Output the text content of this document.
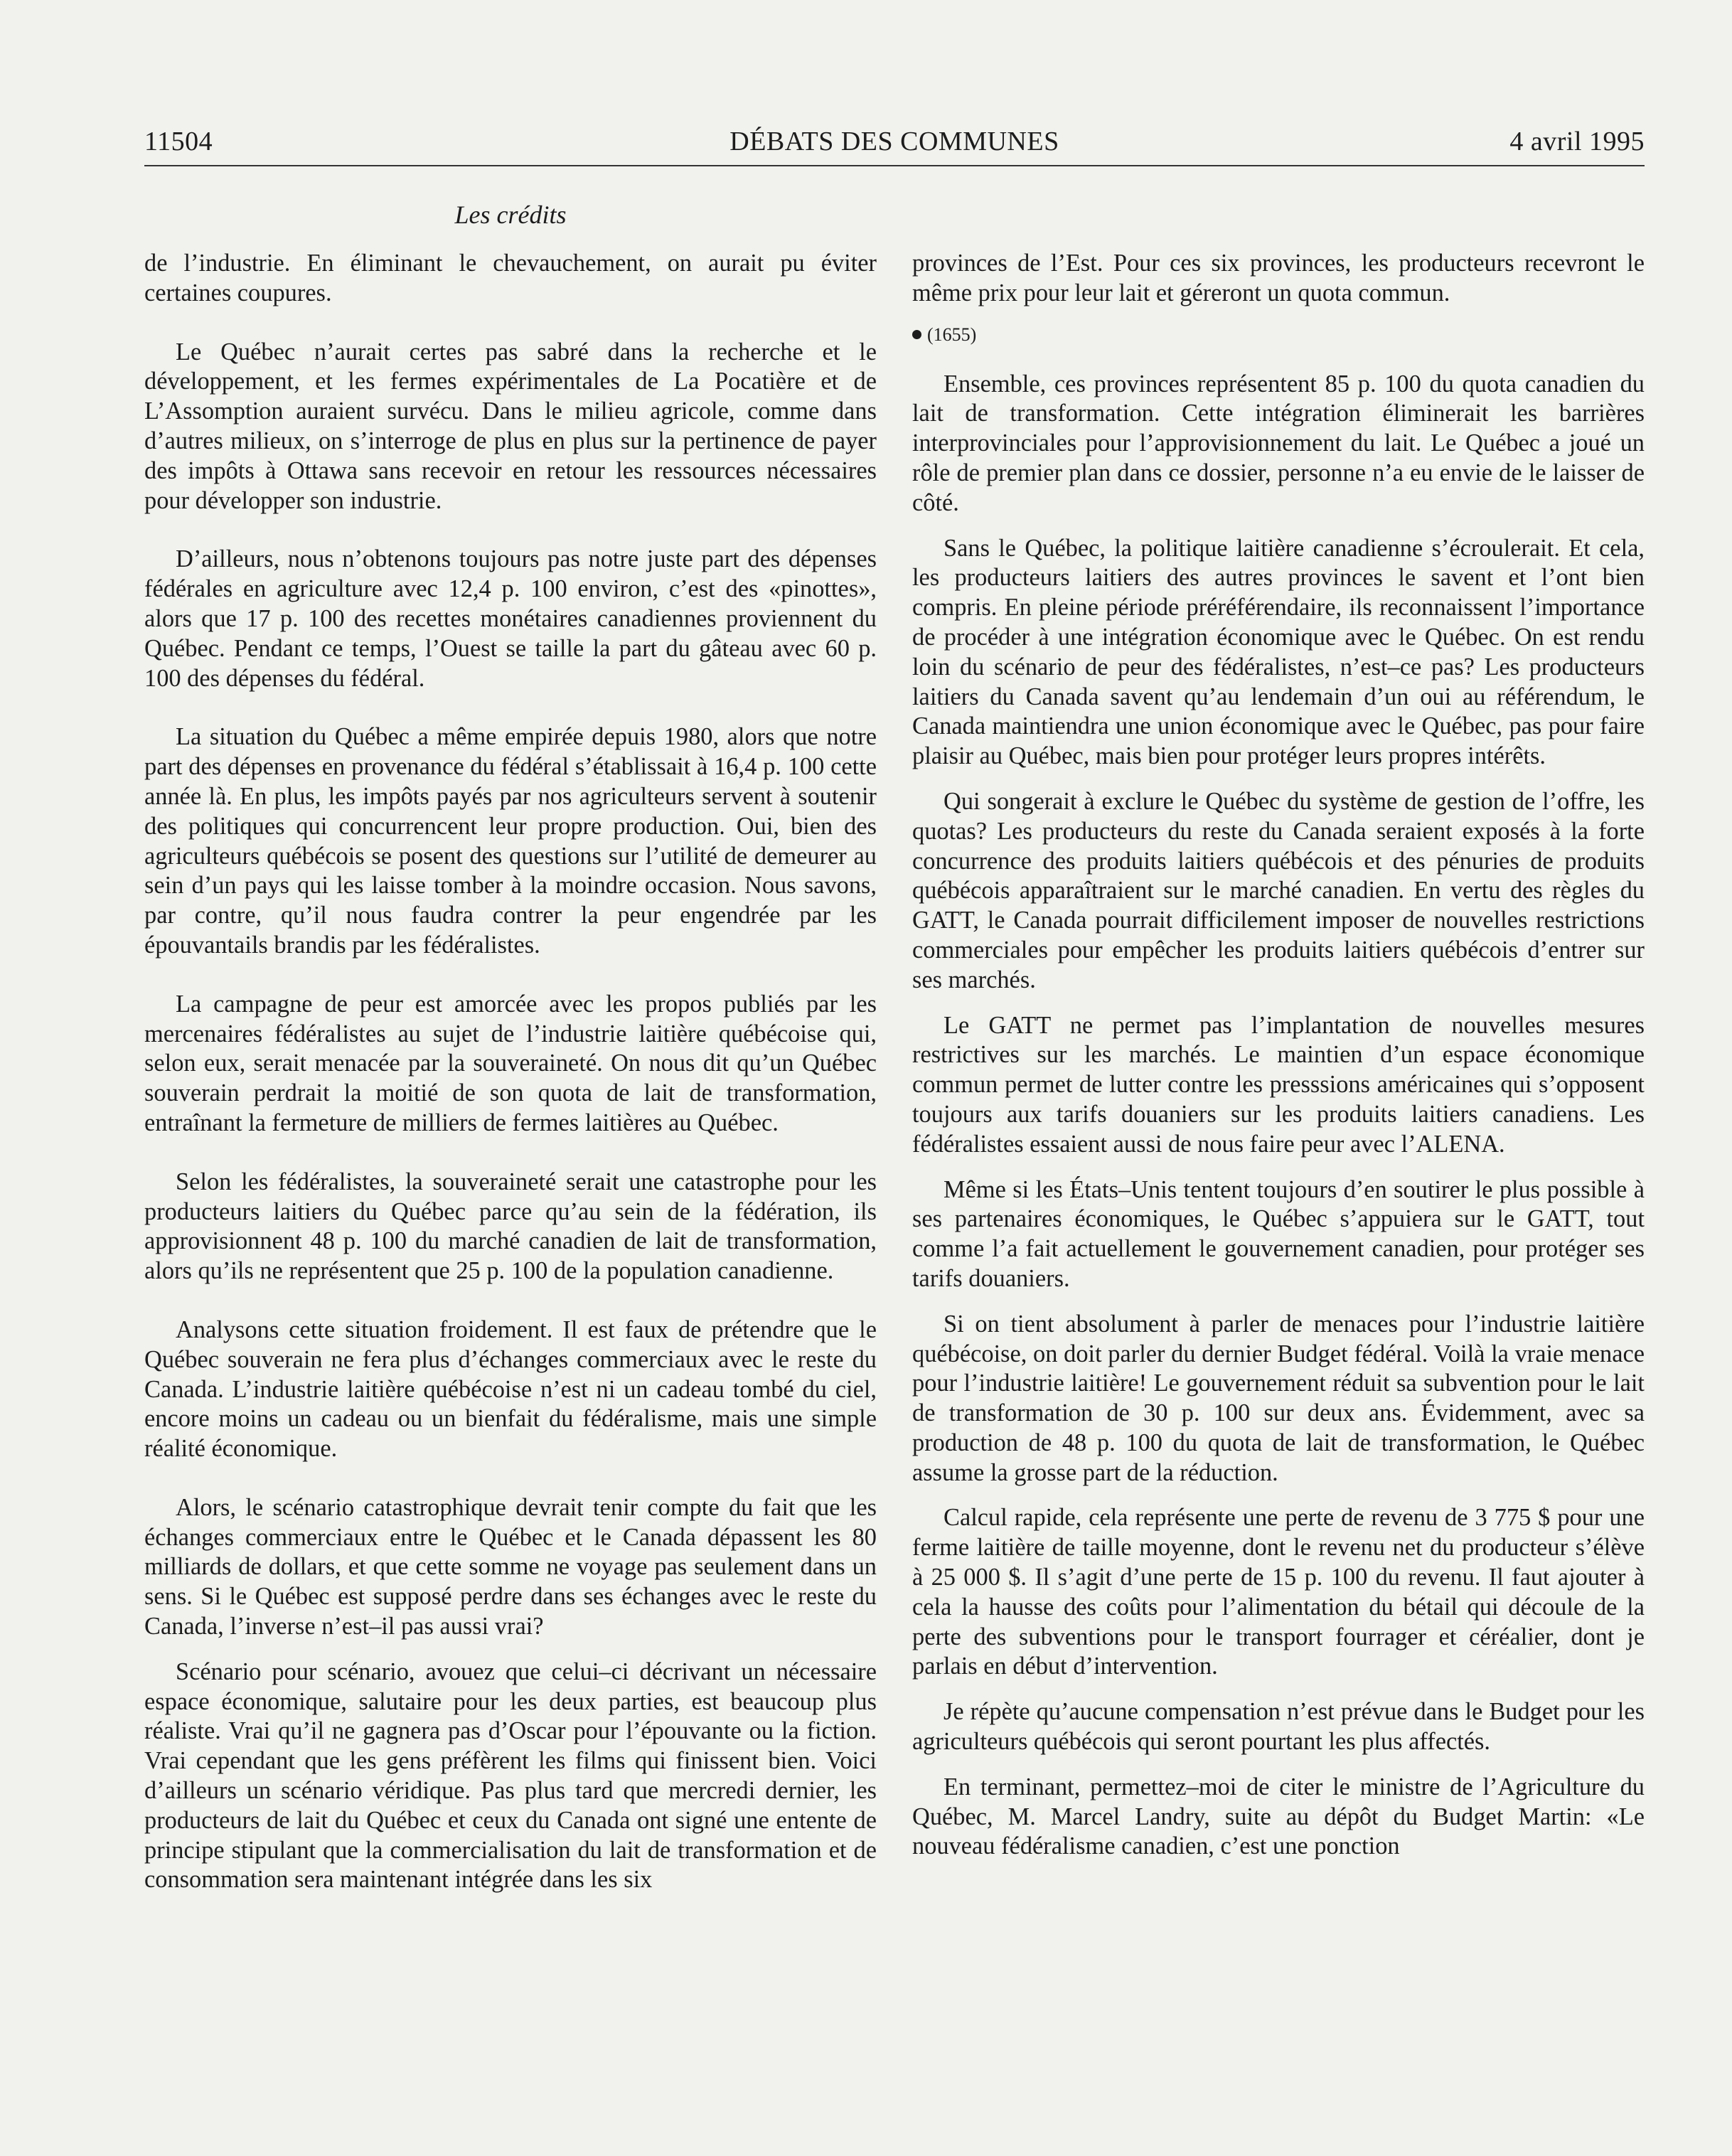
11504	DÉBATS DES COMMUNES	4 avril 1995
Les crédits

de l’industrie. En éliminant le chevauchement, on aurait pu éviter certaines coupures.

Le Québec n’aurait certes pas sabré dans la recherche et le développement, et les fermes expérimentales de La Pocatière et de L’Assomption auraient survécu. Dans le milieu agricole, comme dans d’autres milieux, on s’interroge de plus en plus sur la pertinence de payer des impôts à Ottawa sans recevoir en retour les ressources nécessaires pour développer son industrie.

D’ailleurs, nous n’obtenons toujours pas notre juste part des dépenses fédérales en agriculture avec 12,4 p. 100 environ, c’est des «pinottes», alors que 17 p. 100 des recettes monétaires canadiennes proviennent du Québec. Pendant ce temps, l’Ouest se taille la part du gâteau avec 60 p. 100 des dépenses du fédéral.

La situation du Québec a même empirée depuis 1980, alors que notre part des dépenses en provenance du fédéral s’établissait à 16,4 p. 100 cette année là. En plus, les impôts payés par nos agriculteurs servent à soutenir des politiques qui concurrencent leur propre production. Oui, bien des agriculteurs québécois se posent des questions sur l’utilité de demeurer au sein d’un pays qui les laisse tomber à la moindre occasion. Nous savons, par contre, qu’il nous faudra contrer la peur engendrée par les épouvantails brandis par les fédéralistes.

La campagne de peur est amorcée avec les propos publiés par les mercenaires fédéralistes au sujet de l’industrie laitière québécoise qui, selon eux, serait menacée par la souveraineté. On nous dit qu’un Québec souverain perdrait la moitié de son quota de lait de transformation, entraînant la fermeture de milliers de fermes laitières au Québec.

Selon les fédéralistes, la souveraineté serait une catastrophe pour les producteurs laitiers du Québec parce qu’au sein de la fédération, ils approvisionnent 48 p. 100 du marché canadien de lait de transformation, alors qu’ils ne représentent que 25 p. 100 de la population canadienne.

Analysons cette situation froidement. Il est faux de prétendre que le Québec souverain ne fera plus d’échanges commerciaux avec le reste du Canada. L’industrie laitière québécoise n’est ni un cadeau tombé du ciel, encore moins un cadeau ou un bienfait du fédéralisme, mais une simple réalité économique.

Alors, le scénario catastrophique devrait tenir compte du fait que les échanges commerciaux entre le Québec et le Canada dépassent les 80 milliards de dollars, et que cette somme ne voyage pas seulement dans un sens. Si le Québec est supposé perdre dans ses échanges avec le reste du Canada, l’inverse n’est–il pas aussi vrai?

Scénario pour scénario, avouez que celui–ci décrivant un nécessaire espace économique, salutaire pour les deux parties, est beaucoup plus réaliste. Vrai qu’il ne gagnera pas d’Oscar pour l’épouvante ou la fiction. Vrai cependant que les gens préfèrent les films qui finissent bien. Voici d’ailleurs un scénario véridique. Pas plus tard que mercredi dernier, les producteurs de lait du Québec et ceux du Canada ont signé une entente de principe stipulant que la commercialisation du lait de transformation et de consommation sera maintenant intégrée dans les six

provinces de l’Est. Pour ces six provinces, les producteurs recevront le même prix pour leur lait et géreront un quota commun.

(1655)

Ensemble, ces provinces représentent 85 p. 100 du quota canadien du lait de transformation. Cette intégration éliminerait les barrières interprovinciales pour l’approvisionnement du lait. Le Québec a joué un rôle de premier plan dans ce dossier, personne n’a eu envie de le laisser de côté.

Sans le Québec, la politique laitière canadienne s’écroulerait. Et cela, les producteurs laitiers des autres provinces le savent et l’ont bien compris. En pleine période préréférendaire, ils reconnaissent l’importance de procéder à une intégration économique avec le Québec. On est rendu loin du scénario de peur des fédéralistes, n’est–ce pas? Les producteurs laitiers du Canada savent qu’au lendemain d’un oui au référendum, le Canada maintiendra une union économique avec le Québec, pas pour faire plaisir au Québec, mais bien pour protéger leurs propres intérêts.

Qui songerait à exclure le Québec du système de gestion de l’offre, les quotas? Les producteurs du reste du Canada seraient exposés à la forte concurrence des produits laitiers québécois et des pénuries de produits québécois apparaîtraient sur le marché canadien. En vertu des règles du GATT, le Canada pourrait difficilement imposer de nouvelles restrictions commerciales pour empêcher les produits laitiers québécois d’entrer sur ses marchés.

Le GATT ne permet pas l’implantation de nouvelles mesures restrictives sur les marchés. Le maintien d’un espace économique commun permet de lutter contre les presssions américaines qui s’opposent toujours aux tarifs douaniers sur les produits laitiers canadiens. Les fédéralistes essaient aussi de nous faire peur avec l’ALENA.

Même si les États–Unis tentent toujours d’en soutirer le plus possible à ses partenaires économiques, le Québec s’appuiera sur le GATT, tout comme l’a fait actuellement le gouvernement canadien, pour protéger ses tarifs douaniers.

Si on tient absolument à parler de menaces pour l’industrie laitière québécoise, on doit parler du dernier Budget fédéral. Voilà la vraie menace pour l’industrie laitière! Le gouvernement réduit sa subvention pour le lait de transformation de 30 p. 100 sur deux ans. Évidemment, avec sa production de 48 p. 100 du quota de lait de transformation, le Québec assume la grosse part de la réduction.

Calcul rapide, cela représente une perte de revenu de 3 775 $ pour une ferme laitière de taille moyenne, dont le revenu net du producteur s’élève à 25 000 $. Il s’agit d’une perte de 15 p. 100 du revenu. Il faut ajouter à cela la hausse des coûts pour l’alimentation du bétail qui découle de la perte des subventions pour le transport fourrager et céréalier, dont je parlais en début d’intervention.

Je répète qu’aucune compensation n’est prévue dans le Budget pour les agriculteurs québécois qui seront pourtant les plus affectés.

En terminant, permettez–moi de citer le ministre de l’Agriculture du Québec, M. Marcel Landry, suite au dépôt du Budget Martin: «Le nouveau fédéralisme canadien, c’est une ponction
